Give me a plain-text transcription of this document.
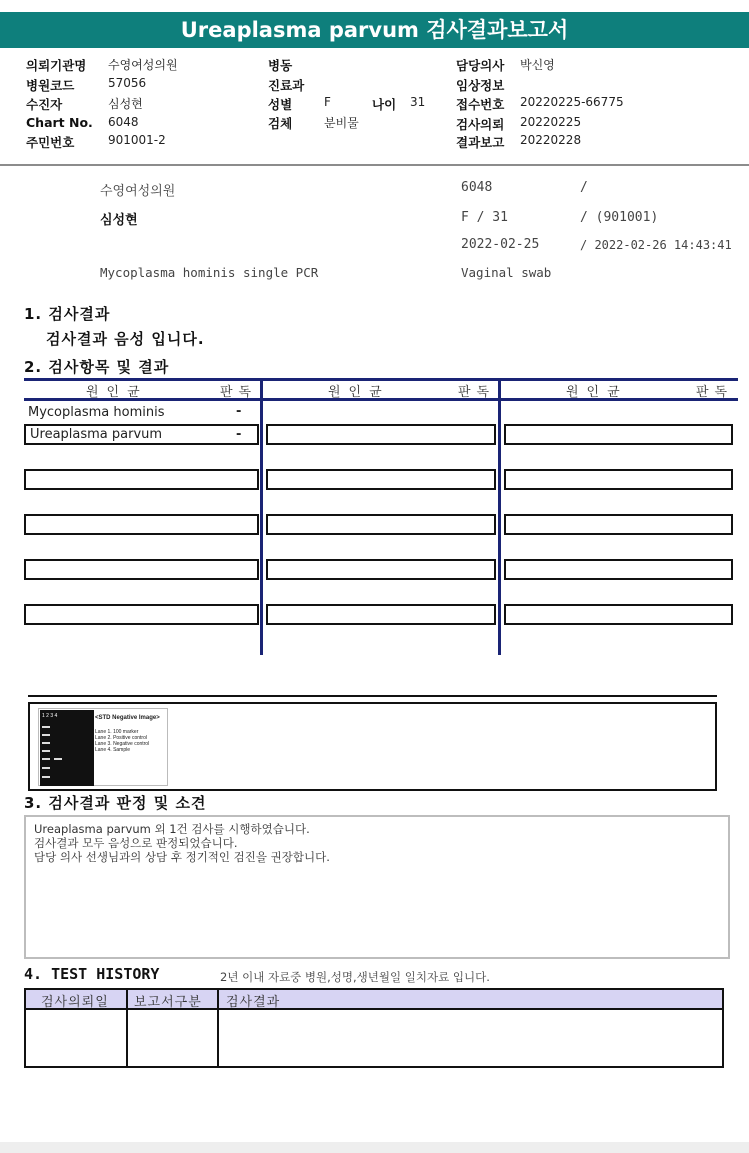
Ureaplasma parvum 검사결과보고서
의뢰기관명 수영여성의원
병원코드	57056
수진자	심성현
Chart No. 6048
주민번호	901001-2
병동
진료과
성별	F	나이 31
검체	분비물
담당의사 박신영
임상정보
접수번호 20220225-66775
검사의뢰 20220225
결과보고 20220228
수영여성의원	6048	/
심성현	F / 31	/ (901001)
2022-02-25	/ 2022-02-26 14:43:41
Mycoplasma hominis single PCR	Vaginal swab
1. 검사결과
검사결과 음성 입니다.
2. 검사항목 및 결과
원인균	판독	원인균	판독	원인균	판독
Mycoplasma hominis	-
Ureaplasma parvum	-
1 2 3 4	<STD Negative Image>
Lane 1. 100 marker
Lane 2. Positive control
Lane 3. Negative control
Lane 4. Sample
3. 검사결과 판정 및 소견
Ureaplasma parvum 외 1건 검사를 시행하였습니다.
검사결과 모두 음성으로 판정되었습니다.
담당 의사 선생님과의 상담 후 정기적인 검진을 권장합니다.
4. TEST HISTORY	2년 이내 자료중 병원,성명,생년월일 일치자료 입니다.
검사의뢰일 보고서구분 검사결과
